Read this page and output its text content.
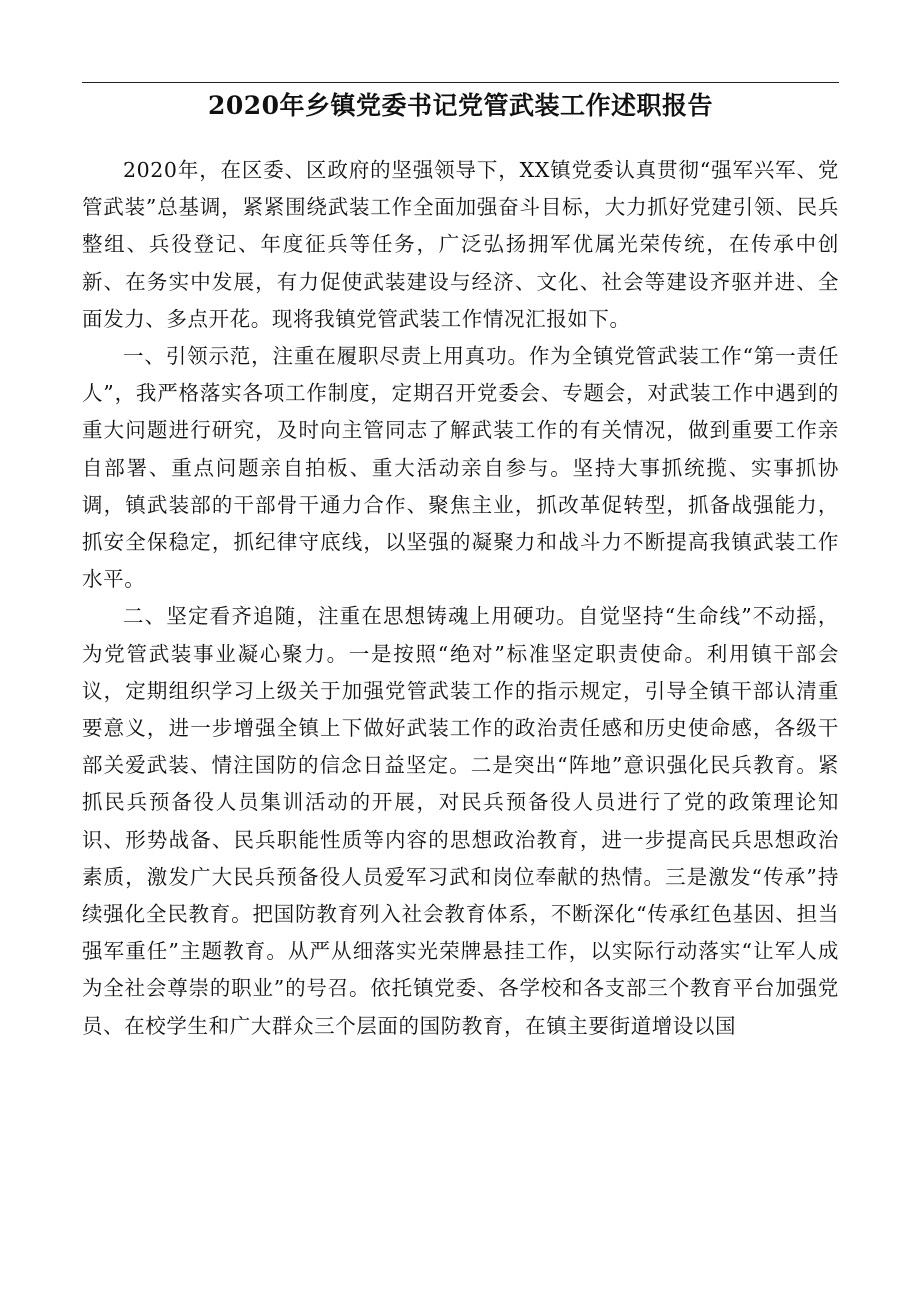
2020年乡镇党委书记党管武装工作述职报告

2020年，在区委、区政府的坚强领导下，XX镇党委认真贯彻“强军兴军、党管武装”总基调，紧紧围绕武装工作全面加强奋斗目标，大力抓好党建引领、民兵整组、兵役登记、年度征兵等任务，广泛弘扬拥军优属光荣传统，在传承中创新、在务实中发展，有力促使武装建设与经济、文化、社会等建设齐驱并进、全面发力、多点开花。现将我镇党管武装工作情况汇报如下。

一、引领示范，注重在履职尽责上用真功。作为全镇党管武装工作“第一责任人”，我严格落实各项工作制度，定期召开党委会、专题会，对武装工作中遇到的重大问题进行研究，及时向主管同志了解武装工作的有关情况，做到重要工作亲自部署、重点问题亲自拍板、重大活动亲自参与。坚持大事抓统揽、实事抓协调，镇武装部的干部骨干通力合作、聚焦主业，抓改革促转型，抓备战强能力，抓安全保稳定，抓纪律守底线，以坚强的凝聚力和战斗力不断提高我镇武装工作水平。

二、坚定看齐追随，注重在思想铸魂上用硬功。自觉坚持“生命线”不动摇，为党管武装事业凝心聚力。一是按照“绝对”标准坚定职责使命。利用镇干部会议，定期组织学习上级关于加强党管武装工作的指示规定，引导全镇干部认清重要意义，进一步增强全镇上下做好武装工作的政治责任感和历史使命感，各级干部关爱武装、情注国防的信念日益坚定。二是突出“阵地”意识强化民兵教育。紧抓民兵预备役人员集训活动的开展，对民兵预备役人员进行了党的政策理论知识、形势战备、民兵职能性质等内容的思想政治教育，进一步提高民兵思想政治素质，激发广大民兵预备役人员爱军习武和岗位奉献的热情。三是激发“传承”持续强化全民教育。把国防教育列入社会教育体系，不断深化“传承红色基因、担当强军重任”主题教育。从严从细落实光荣牌悬挂工作，以实际行动落实“让军人成为全社会尊崇的职业”的号召。依托镇党委、各学校和各支部三个教育平台加强党员、在校学生和广大群众三个层面的国防教育，在镇主要街道增设以国
